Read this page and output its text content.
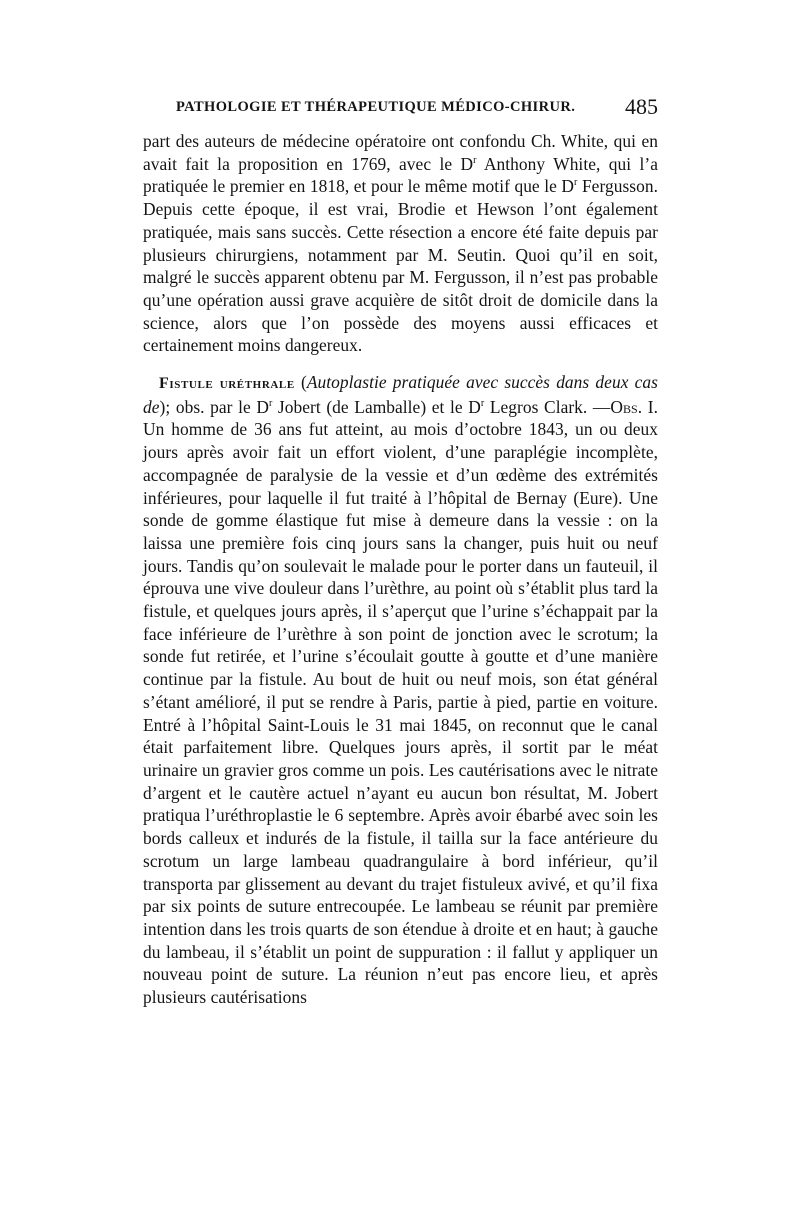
PATHOLOGIE ET THÉRAPEUTIQUE MÉDICO-CHIRUR. 485

part des auteurs de médecine opératoire ont confondu Ch. White, qui en avait fait la proposition en 1769, avec le $D^r$ Anthony White, qui l’a pratiquée le premier en 1818, et pour le même motif que le $D^r$ Fergusson. Depuis cette époque, il est vrai, Brodie et Hewson l’ont également pratiquée, mais sans succès. Cette résection a encore été faite depuis par plusieurs chirurgiens, notamment par M. Seutin. Quoi qu’il en soit, malgré le succès apparent obtenu par M. Fergusson, il n’est pas probable qu’une opération aussi grave acquière de sitôt droit de domicile dans la science, alors que l’on possède des moyens aussi efficaces et certainement moins dangereux.

Fistule uréthrale (Autoplastie pratiquée avec succès dans deux cas de); obs. par le $D^r$ Jobert (de Lamballe) et le $D^r$ Legros Clark. —Obs. I. Un homme de 36 ans fut atteint, au mois d’octobre 1843, un ou deux jours après avoir fait un effort violent, d’une paraplégie incomplète, accompagnée de paralysie de la vessie et d’un œdème des extrémités inférieures, pour laquelle il fut traité à l’hôpital de Bernay (Eure). Une sonde de gomme élastique fut mise à demeure dans la vessie : on la laissa une première fois cinq jours sans la changer, puis huit ou neuf jours. Tandis qu’on soulevait le malade pour le porter dans un fauteuil, il éprouva une vive douleur dans l’urèthre, au point où s’établit plus tard la fistule, et quelques jours après, il s’aperçut que l’urine s’échappait par la face inférieure de l’urèthre à son point de jonction avec le scrotum; la sonde fut retirée, et l’urine s’écoulait goutte à goutte et d’une manière continue par la fistule. Au bout de huit ou neuf mois, son état général s’étant amélioré, il put se rendre à Paris, partie à pied, partie en voiture. Entré à l’hôpital Saint-Louis le 31 mai 1845, on reconnut que le canal était parfaitement libre. Quelques jours après, il sortit par le méat urinaire un gravier gros comme un pois. Les cautérisations avec le nitrate d’argent et le cautère actuel n’ayant eu aucun bon résultat, M. Jobert pratiqua l’uréthroplastie le 6 septembre. Après avoir ébarbé avec soin les bords calleux et indurés de la fistule, il tailla sur la face antérieure du scrotum un large lambeau quadrangulaire à bord inférieur, qu’il transporta par glissement au devant du trajet fistuleux avivé, et qu’il fixa par six points de suture entrecoupée. Le lambeau se réunit par première intention dans les trois quarts de son étendue à droite et en haut; à gauche du lambeau, il s’établit un point de suppuration : il fallut y appliquer un nouveau point de suture. La réunion n’eut pas encore lieu, et après plusieurs cautérisations
